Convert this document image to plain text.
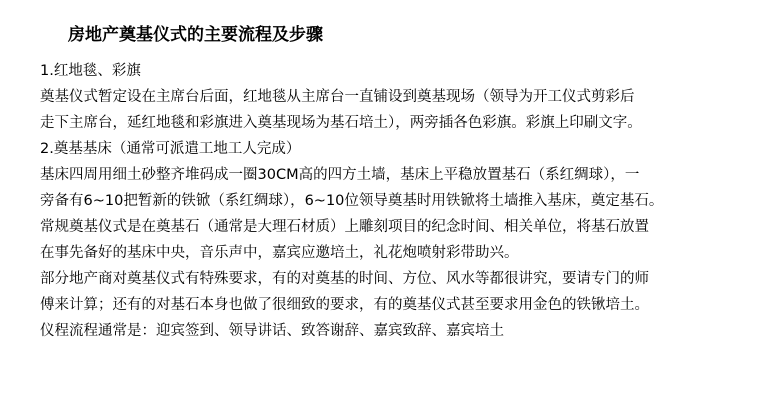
房地产奠基仪式的主要流程及步骤
1.红地毯、彩旗
奠基仪式暂定设在主席台后面，红地毯从主席台一直铺设到奠基现场（领导为开工仪式剪彩后
走下主席台，延红地毯和彩旗进入奠基现场为基石培土），两旁插各色彩旗。彩旗上印刷文字。
2.奠基基床（通常可派遣工地工人完成）
基床四周用细土砂整齐堆码成一圈30CM高的四方土墙，基床上平稳放置基石（系红绸球），一
旁备有6~10把暂新的铁锨（系红绸球），6~10位领导奠基时用铁锨将土墙推入基床，奠定基石。
常规奠基仪式是在奠基石（通常是大理石材质）上雕刻项目的纪念时间、相关单位，将基石放置
在事先备好的基床中央，音乐声中，嘉宾应邀培土，礼花炮喷射彩带助兴。
部分地产商对奠基仪式有特殊要求，有的对奠基的时间、方位、风水等都很讲究，要请专门的师
傅来计算；还有的对基石本身也做了很细致的要求，有的奠基仪式甚至要求用金色的铁锹培土。
仪程流程通常是：迎宾签到、领导讲话、致答谢辞、嘉宾致辞、嘉宾培土
